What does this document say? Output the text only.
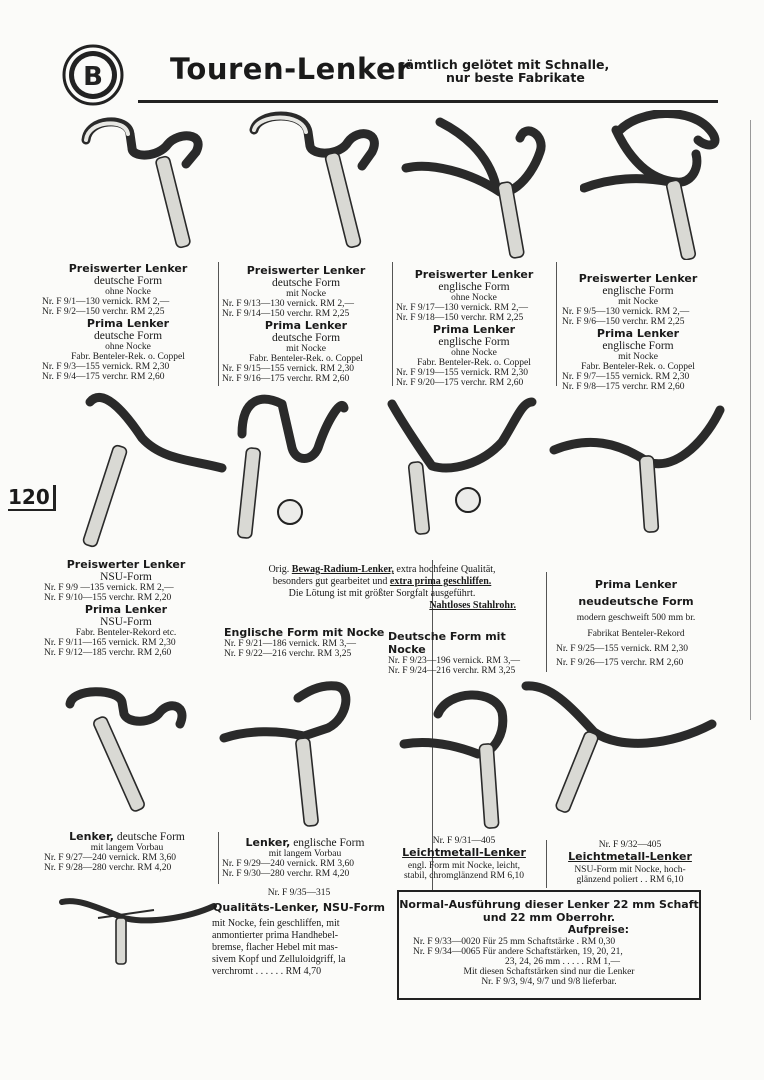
B Touren-Lenker
sämtlich gelötet mit Schnalle,
nur beste Fabrikate
120
Preiswerter Lenker
deutsche Form
ohne Nocke
Nr. F 9/1—130 vernick. RM 2,—
Nr. F 9/2—150 verchr. RM 2,25
Prima Lenker
deutsche Form
ohne Nocke
Fabr. Benteler-Rek. o. Coppel
Nr. F 9/3—155 vernick. RM 2,30
Nr. F 9/4—175 verchr. RM 2,60
Preiswerter Lenker
deutsche Form
mit Nocke
Nr. F 9/13—130 vernick. RM 2,—
Nr. F 9/14—150 verchr. RM 2,25
Prima Lenker
deutsche Form
mit Nocke
Fabr. Benteler-Rek. o. Coppel
Nr. F 9/15—155 vernick. RM 2,30
Nr. F 9/16—175 verchr. RM 2,60
Preiswerter Lenker
englische Form
ohne Nocke
Nr. F 9/17—130 vernick. RM 2,—
Nr. F 9/18—150 verchr. RM 2,25
Prima Lenker
englische Form
ohne Nocke
Fabr. Benteler-Rek. o. Coppel
Nr. F 9/19—155 vernick. RM 2,30
Nr. F 9/20—175 verchr. RM 2,60
Preiswerter Lenker
englische Form
mit Nocke
Nr. F 9/5—130 vernick. RM 2,—
Nr. F 9/6—150 verchr. RM 2,25
Prima Lenker
englische Form
mit Nocke
Fabr. Benteler-Rek. o. Coppel
Nr. F 9/7—155 vernick. RM 2,30
Nr. F 9/8—175 verchr. RM 2,60
Preiswerter Lenker
NSU-Form
Nr. F 9/9 —135 vernick. RM 2,—
Nr. F 9/10—155 verchr. RM 2,20
Prima Lenker
NSU-Form
Fabr. Benteler-Rekord etc.
Nr. F 9/11—165 vernick. RM 2,30
Nr. F 9/12—185 verchr. RM 2,60
Orig. Bewag-Radium-Lenker, extra hochfeine Qualität,
besonders gut gearbeitet und extra prima geschliffen.
Die Lötung ist mit größter Sorgfalt ausgeführt.
Nahtloses Stahlrohr.
Englische Form mit Nocke
Nr. F 9/21—186 vernick. RM 3,—
Nr. F 9/22—216 verchr. RM 3,25
Deutsche Form mit Nocke
Nr. F 9/23—196 vernick. RM 3,—
Nr. F 9/24—216 verchr. RM 3,25
Prima Lenker
neudeutsche Form
modern geschweift 500 mm br.
Fabrikat Benteler-Rekord
Nr. F 9/25—155 vernick. RM 2,30
Nr. F 9/26—175 verchr. RM 2,60
Lenker, deutsche Form
mit langem Vorbau
Nr. F 9/27—240 vernick. RM 3,60
Nr. F 9/28—280 verchr. RM 4,20
Lenker, englische Form
mit langem Vorbau
Nr. F 9/29—240 vernick. RM 3,60
Nr. F 9/30—280 verchr. RM 4,20
Nr. F 9/31—405
Leichtmetall-Lenker
engl. Form mit Nocke, leicht,
stabil, chromglänzend RM 6,10
Nr. F 9/32—405
Leichtmetall-Lenker
NSU-Form mit Nocke, hoch-
glänzend poliert . . RM 6,10
Nr. F 9/35—315
Qualitäts-Lenker, NSU-Form
mit Nocke, fein geschliffen, mit
anmontierter prima Handhebel-
bremse, flacher Hebel mit mas-
sivem Kopf und Zelluloidgriff, la
verchromt . . . . . . RM 4,70
Normal-Ausführung dieser Lenker 22 mm Schaft
und 22 mm Oberrohr.
Aufpreise:
Nr. F 9/33—0020 Für 25 mm Schaftstärke . RM 0,30
Nr. F 9/34—0065 Für andere Schaftstärken, 19, 20, 21,
23, 24, 26 mm . . . . . RM 1,—
Mit diesen Schaftstärken sind nur die Lenker
Nr. F 9/3, 9/4, 9/7 und 9/8 lieferbar.
